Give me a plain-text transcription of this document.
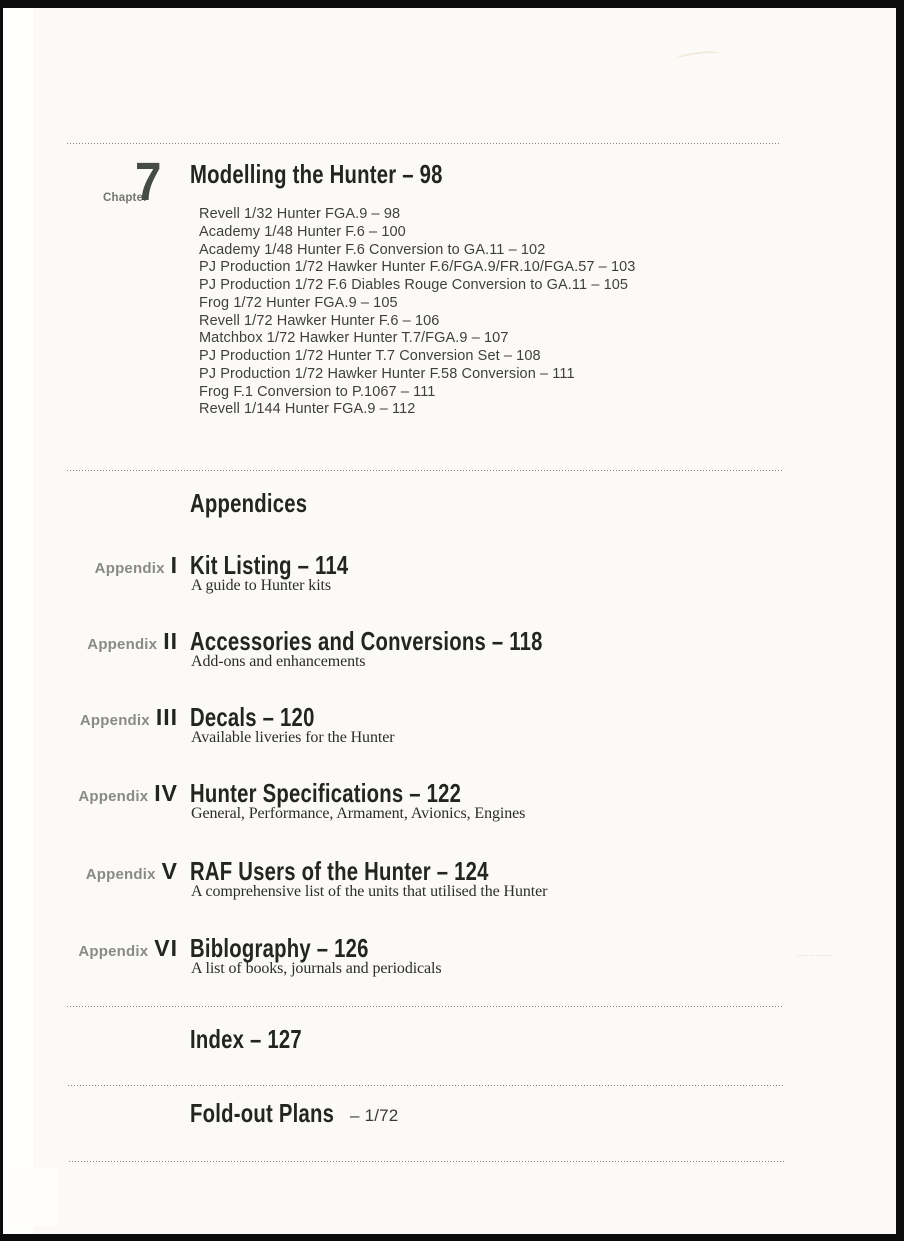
Chapter
7 Modelling the Hunter – 98
Revell 1/32 Hunter FGA.9 – 98
Academy 1/48 Hunter F.6 – 100
Academy 1/48 Hunter F.6 Conversion to GA.11 – 102
PJ Production 1/72 Hawker Hunter F.6/FGA.9/FR.10/FGA.57 – 103
PJ Production 1/72 F.6 Diables Rouge Conversion to GA.11 – 105
Frog 1/72 Hunter FGA.9 – 105
Revell 1/72 Hawker Hunter F.6 – 106
Matchbox 1/72 Hawker Hunter T.7/FGA.9 – 107
PJ Production 1/72 Hunter T.7 Conversion Set – 108
PJ Production 1/72 Hawker Hunter F.58 Conversion – 111
Frog F.1 Conversion to P.1067 – 111
Revell 1/144 Hunter FGA.9 – 112
Appendices
Appendix I Kit Listing – 114
A guide to Hunter kits
Appendix II Accessories and Conversions – 118
Add-ons and enhancements
Appendix III Decals – 120
Available liveries for the Hunter
Appendix IV Hunter Specifications – 122
General, Performance, Armament, Avionics, Engines
Appendix V RAF Users of the Hunter – 124
A comprehensive list of the units that utilised the Hunter
Appendix VI Biblography – 126
A list of books, journals and periodicals
Index – 127
Fold-out Plans – 1/72
